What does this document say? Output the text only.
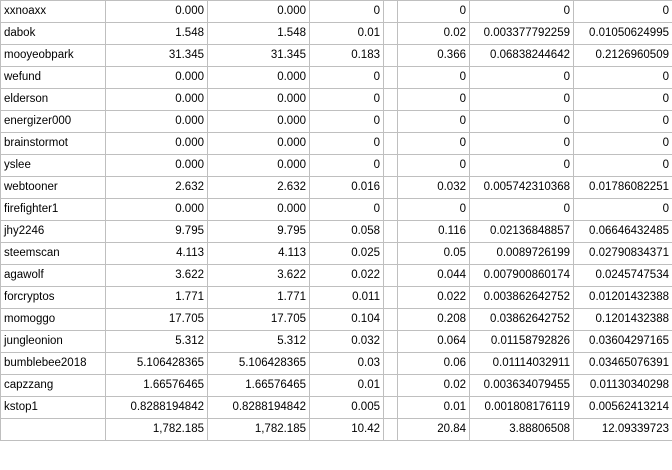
xxnoaxx	0.000	0.000	0		0	0	0
dabok	1.548	1.548	0.01		0.02	0.003377792259	0.01050624995
mooyeobpark	31.345	31.345	0.183		0.366	0.06838244642	0.2126960509
wefund	0.000	0.000	0		0	0	0
elderson	0.000	0.000	0		0	0	0
energizer000	0.000	0.000	0		0	0	0
brainstormot	0.000	0.000	0		0	0	0
yslee	0.000	0.000	0		0	0	0
webtooner	2.632	2.632	0.016		0.032	0.005742310368	0.01786082251
firefighter1	0.000	0.000	0		0	0	0
jhy2246	9.795	9.795	0.058		0.116	0.02136848857	0.06646432485
steemscan	4.113	4.113	0.025		0.05	0.0089726199	0.02790834371
agawolf	3.622	3.622	0.022		0.044	0.007900860174	0.0245747534
forcryptos	1.771	1.771	0.011		0.022	0.003862642752	0.01201432388
momoggo	17.705	17.705	0.104		0.208	0.03862642752	0.1201432388
jungleonion	5.312	5.312	0.032		0.064	0.01158792826	0.03604297165
bumblebee2018	5.106428365	5.106428365	0.03		0.06	0.01114032911	0.03465076391
capzzang	1.66576465	1.66576465	0.01		0.02	0.003634079455	0.01130340298
kstop1	0.8288194842	0.8288194842	0.005		0.01	0.001808176119	0.00562413214
	1,782.185	1,782.185	10.42		20.84	3.88806508	12.09339723
